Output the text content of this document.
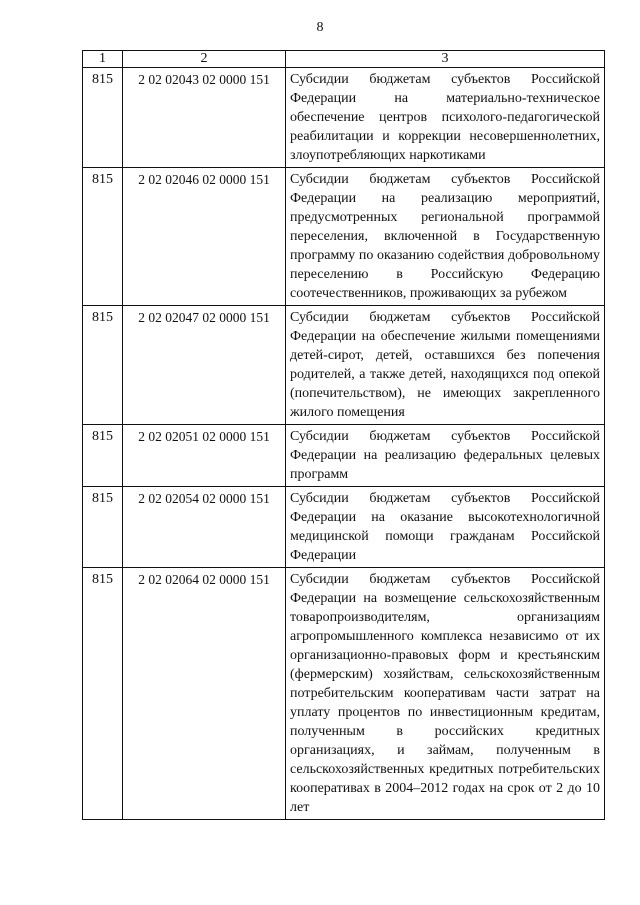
8
1	2	3
815	2 02 02043 02 0000 151	Субсидии бюджетам субъектов Российской Федерации на материально-техническое обеспечение центров психолого-педагогической реабилитации и коррекции несовершеннолетних, злоупотребляющих наркотиками
815	2 02 02046 02 0000 151	Субсидии бюджетам субъектов Российской Федерации на реализацию мероприятий, предусмотренных региональной программой переселения, включенной в Государственную программу по оказанию содействия добровольному переселению в Российскую Федерацию соотечественников, проживающих за рубежом
815	2 02 02047 02 0000 151	Субсидии бюджетам субъектов Российской Федерации на обеспечение жилыми помещениями детей-сирот, детей, оставшихся без попечения родителей, а также детей, находящихся под опекой (попечительством), не имеющих закрепленного жилого помещения
815	2 02 02051 02 0000 151	Субсидии бюджетам субъектов Российской Федерации на реализацию федеральных целевых программ
815	2 02 02054 02 0000 151	Субсидии бюджетам субъектов Российской Федерации на оказание высокотехнологичной медицинской помощи гражданам Российской Федерации
815	2 02 02064 02 0000 151	Субсидии бюджетам субъектов Российской Федерации на возмещение сельскохозяйственным товаропроизводителям, организациям агропромышленного комплекса независимо от их организационно-правовых форм и крестьянским (фермерским) хозяйствам, сельскохозяйственным потребительским кооперативам части затрат на уплату процентов по инвестиционным кредитам, полученным в российских кредитных организациях, и займам, полученным в сельскохозяйственных кредитных потребительских кооперативах в 2004–2012 годах на срок от 2 до 10 лет
